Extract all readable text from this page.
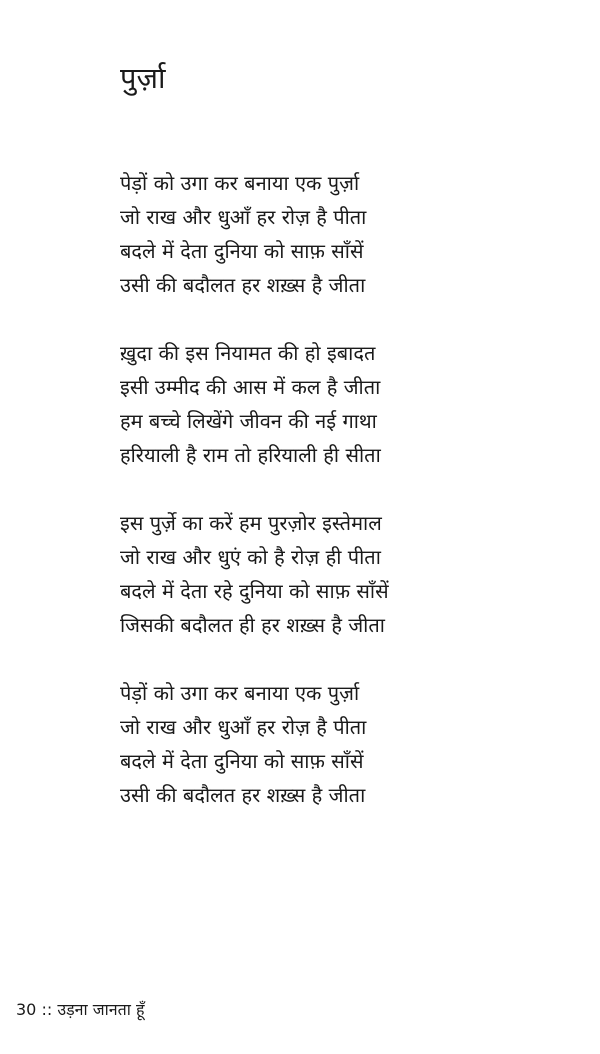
पुर्ज़ा
पेड़ों को उगा कर बनाया एक पुर्ज़ा
जो राख और धुआँ हर रोज़ है पीता
बदले में देता दुनिया को साफ़ साँसें
उसी की बदौलत हर शख़्स है जीता
ख़ुदा की इस नियामत की हो इबादत
इसी उम्मीद की आस में कल है जीता
हम बच्चे लिखेंगे जीवन की नई गाथा
हरियाली है राम तो हरियाली ही सीता
इस पुर्ज़े का करें हम पुरज़ोर इस्तेमाल
जो राख और धुएं को है रोज़ ही पीता
बदले में देता रहे दुनिया को साफ़ साँसें
जिसकी बदौलत ही हर शख़्स है जीता
पेड़ों को उगा कर बनाया एक पुर्ज़ा
जो राख और धुआँ हर रोज़ है पीता
बदले में देता दुनिया को साफ़ साँसें
उसी की बदौलत हर शख़्स है जीता
30 :: उड़ना जानता हूँ
